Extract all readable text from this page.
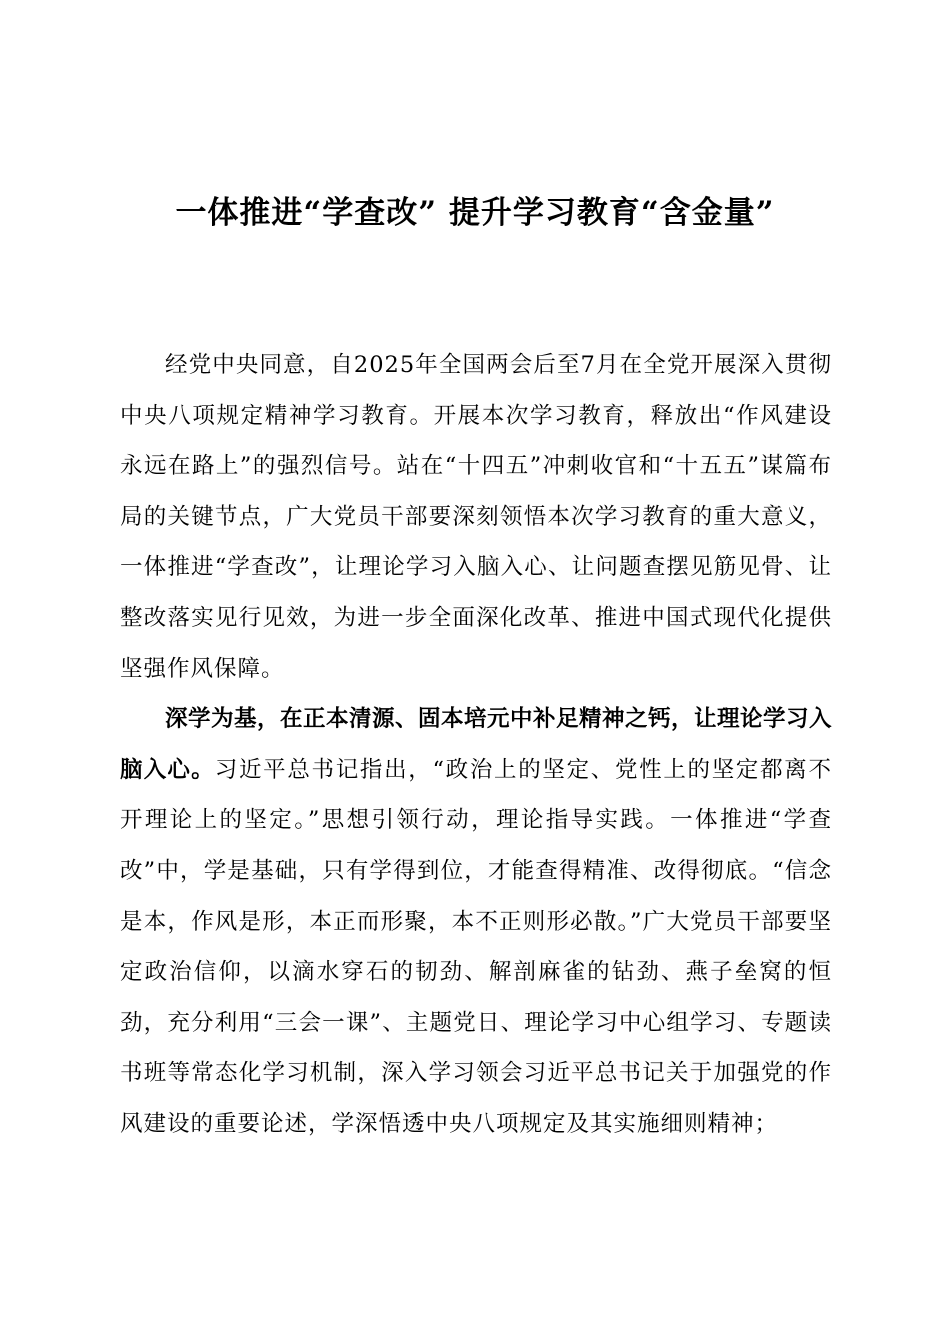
一体推进“学查改” 提升学习教育“含金量”

经党中央同意，自2025年全国两会后至7月在全党开展深入贯彻中央八项规定精神学习教育。开展本次学习教育，释放出“作风建设永远在路上”的强烈信号。站在“十四五”冲刺收官和“十五五”谋篇布局的关键节点，广大党员干部要深刻领悟本次学习教育的重大意义，一体推进“学查改”，让理论学习入脑入心、让问题查摆见筋见骨、让整改落实见行见效，为进一步全面深化改革、推进中国式现代化提供坚强作风保障。

深学为基，在正本清源、固本培元中补足精神之钙，让理论学习入脑入心。习近平总书记指出，“政治上的坚定、党性上的坚定都离不开理论上的坚定。”思想引领行动，理论指导实践。一体推进“学查改”中，学是基础，只有学得到位，才能查得精准、改得彻底。“信念是本，作风是形，本正而形聚，本不正则形必散。”广大党员干部要坚定政治信仰，以滴水穿石的韧劲、解剖麻雀的钻劲、燕子垒窝的恒劲，充分利用“三会一课”、主题党日、理论学习中心组学习、专题读书班等常态化学习机制，深入学习领会习近平总书记关于加强党的作风建设的重要论述，学深悟透中央八项规定及其实施细则精神；
